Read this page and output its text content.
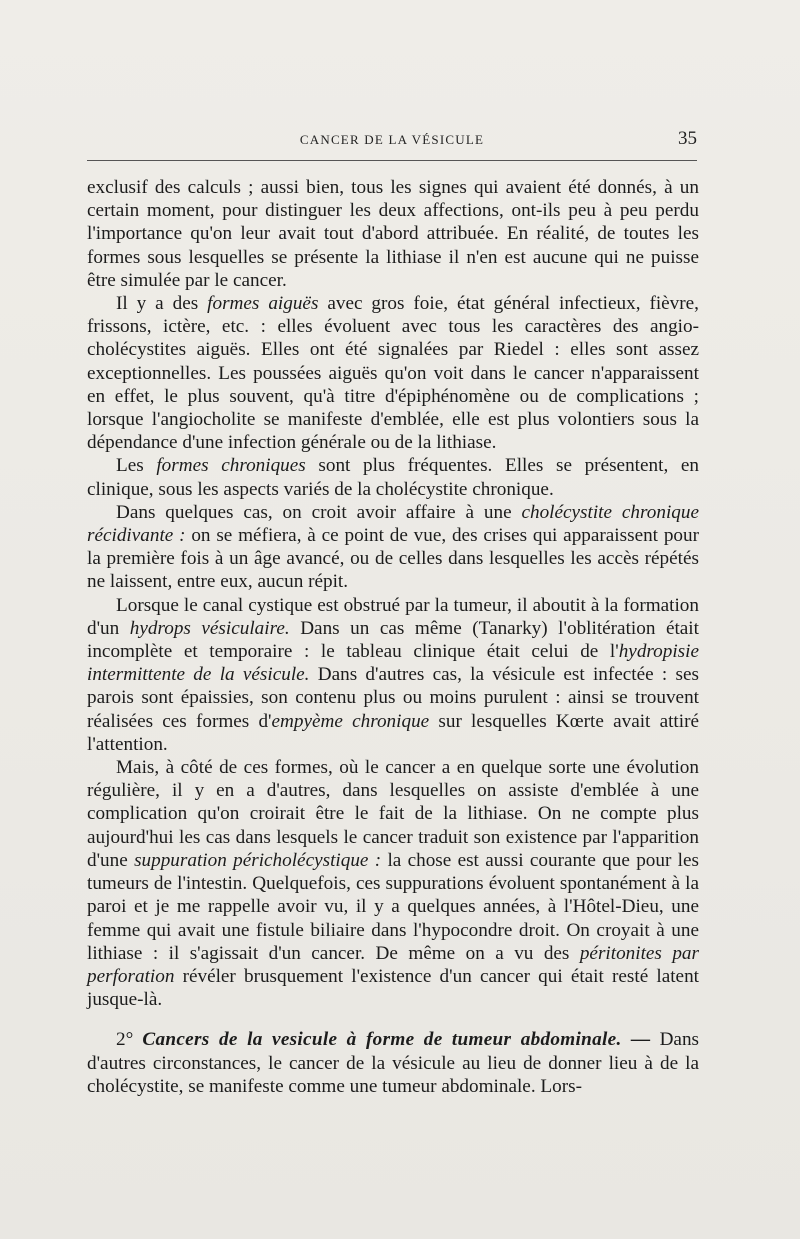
CANCER DE LA VÉSICULE	35

exclusif des calculs ; aussi bien, tous les signes qui avaient été donnés, à un certain moment, pour distinguer les deux affections, ont-ils peu à peu perdu l'importance qu'on leur avait tout d'abord attribuée. En réalité, de toutes les formes sous lesquelles se présente la lithiase il n'en est aucune qui ne puisse être simulée par le cancer.

Il y a des formes aiguës avec gros foie, état général infectieux, fièvre, frissons, ictère, etc. : elles évoluent avec tous les caractères des angio-cholécystites aiguës. Elles ont été signalées par Riedel : elles sont assez exceptionnelles. Les poussées aiguës qu'on voit dans le cancer n'apparaissent en effet, le plus souvent, qu'à titre d'épiphénomène ou de complications ; lorsque l'angiocholite se manifeste d'emblée, elle est plus volontiers sous la dépendance d'une infection générale ou de la lithiase.

Les formes chroniques sont plus fréquentes. Elles se présentent, en clinique, sous les aspects variés de la cholécystite chronique.

Dans quelques cas, on croit avoir affaire à une cholécystite chronique récidivante : on se méfiera, à ce point de vue, des crises qui apparaissent pour la première fois à un âge avancé, ou de celles dans lesquelles les accès répétés ne laissent, entre eux, aucun répit.

Lorsque le canal cystique est obstrué par la tumeur, il aboutit à la formation d'un hydrops vésiculaire. Dans un cas même (Tanarky) l'oblitération était incomplète et temporaire : le tableau clinique était celui de l'hydropisie intermittente de la vésicule. Dans d'autres cas, la vésicule est infectée : ses parois sont épaissies, son contenu plus ou moins purulent : ainsi se trouvent réalisées ces formes d'empyème chronique sur lesquelles Kœrte avait attiré l'attention.

Mais, à côté de ces formes, où le cancer a en quelque sorte une évolution régulière, il y en a d'autres, dans lesquelles on assiste d'emblée à une complication qu'on croirait être le fait de la lithiase. On ne compte plus aujourd'hui les cas dans lesquels le cancer traduit son existence par l'apparition d'une suppuration péricholécystique : la chose est aussi courante que pour les tumeurs de l'intestin. Quelquefois, ces suppurations évoluent spontanément à la paroi et je me rappelle avoir vu, il y a quelques années, à l'Hôtel-Dieu, une femme qui avait une fistule biliaire dans l'hypocondre droit. On croyait à une lithiase : il s'agissait d'un cancer. De même on a vu des péritonites par perforation révéler brusquement l'existence d'un cancer qui était resté latent jusque-là.

2° Cancers de la vesicule à forme de tumeur abdominale. — Dans d'autres circonstances, le cancer de la vésicule au lieu de donner lieu à de la cholécystite, se manifeste comme une tumeur abdominale. Lors-
